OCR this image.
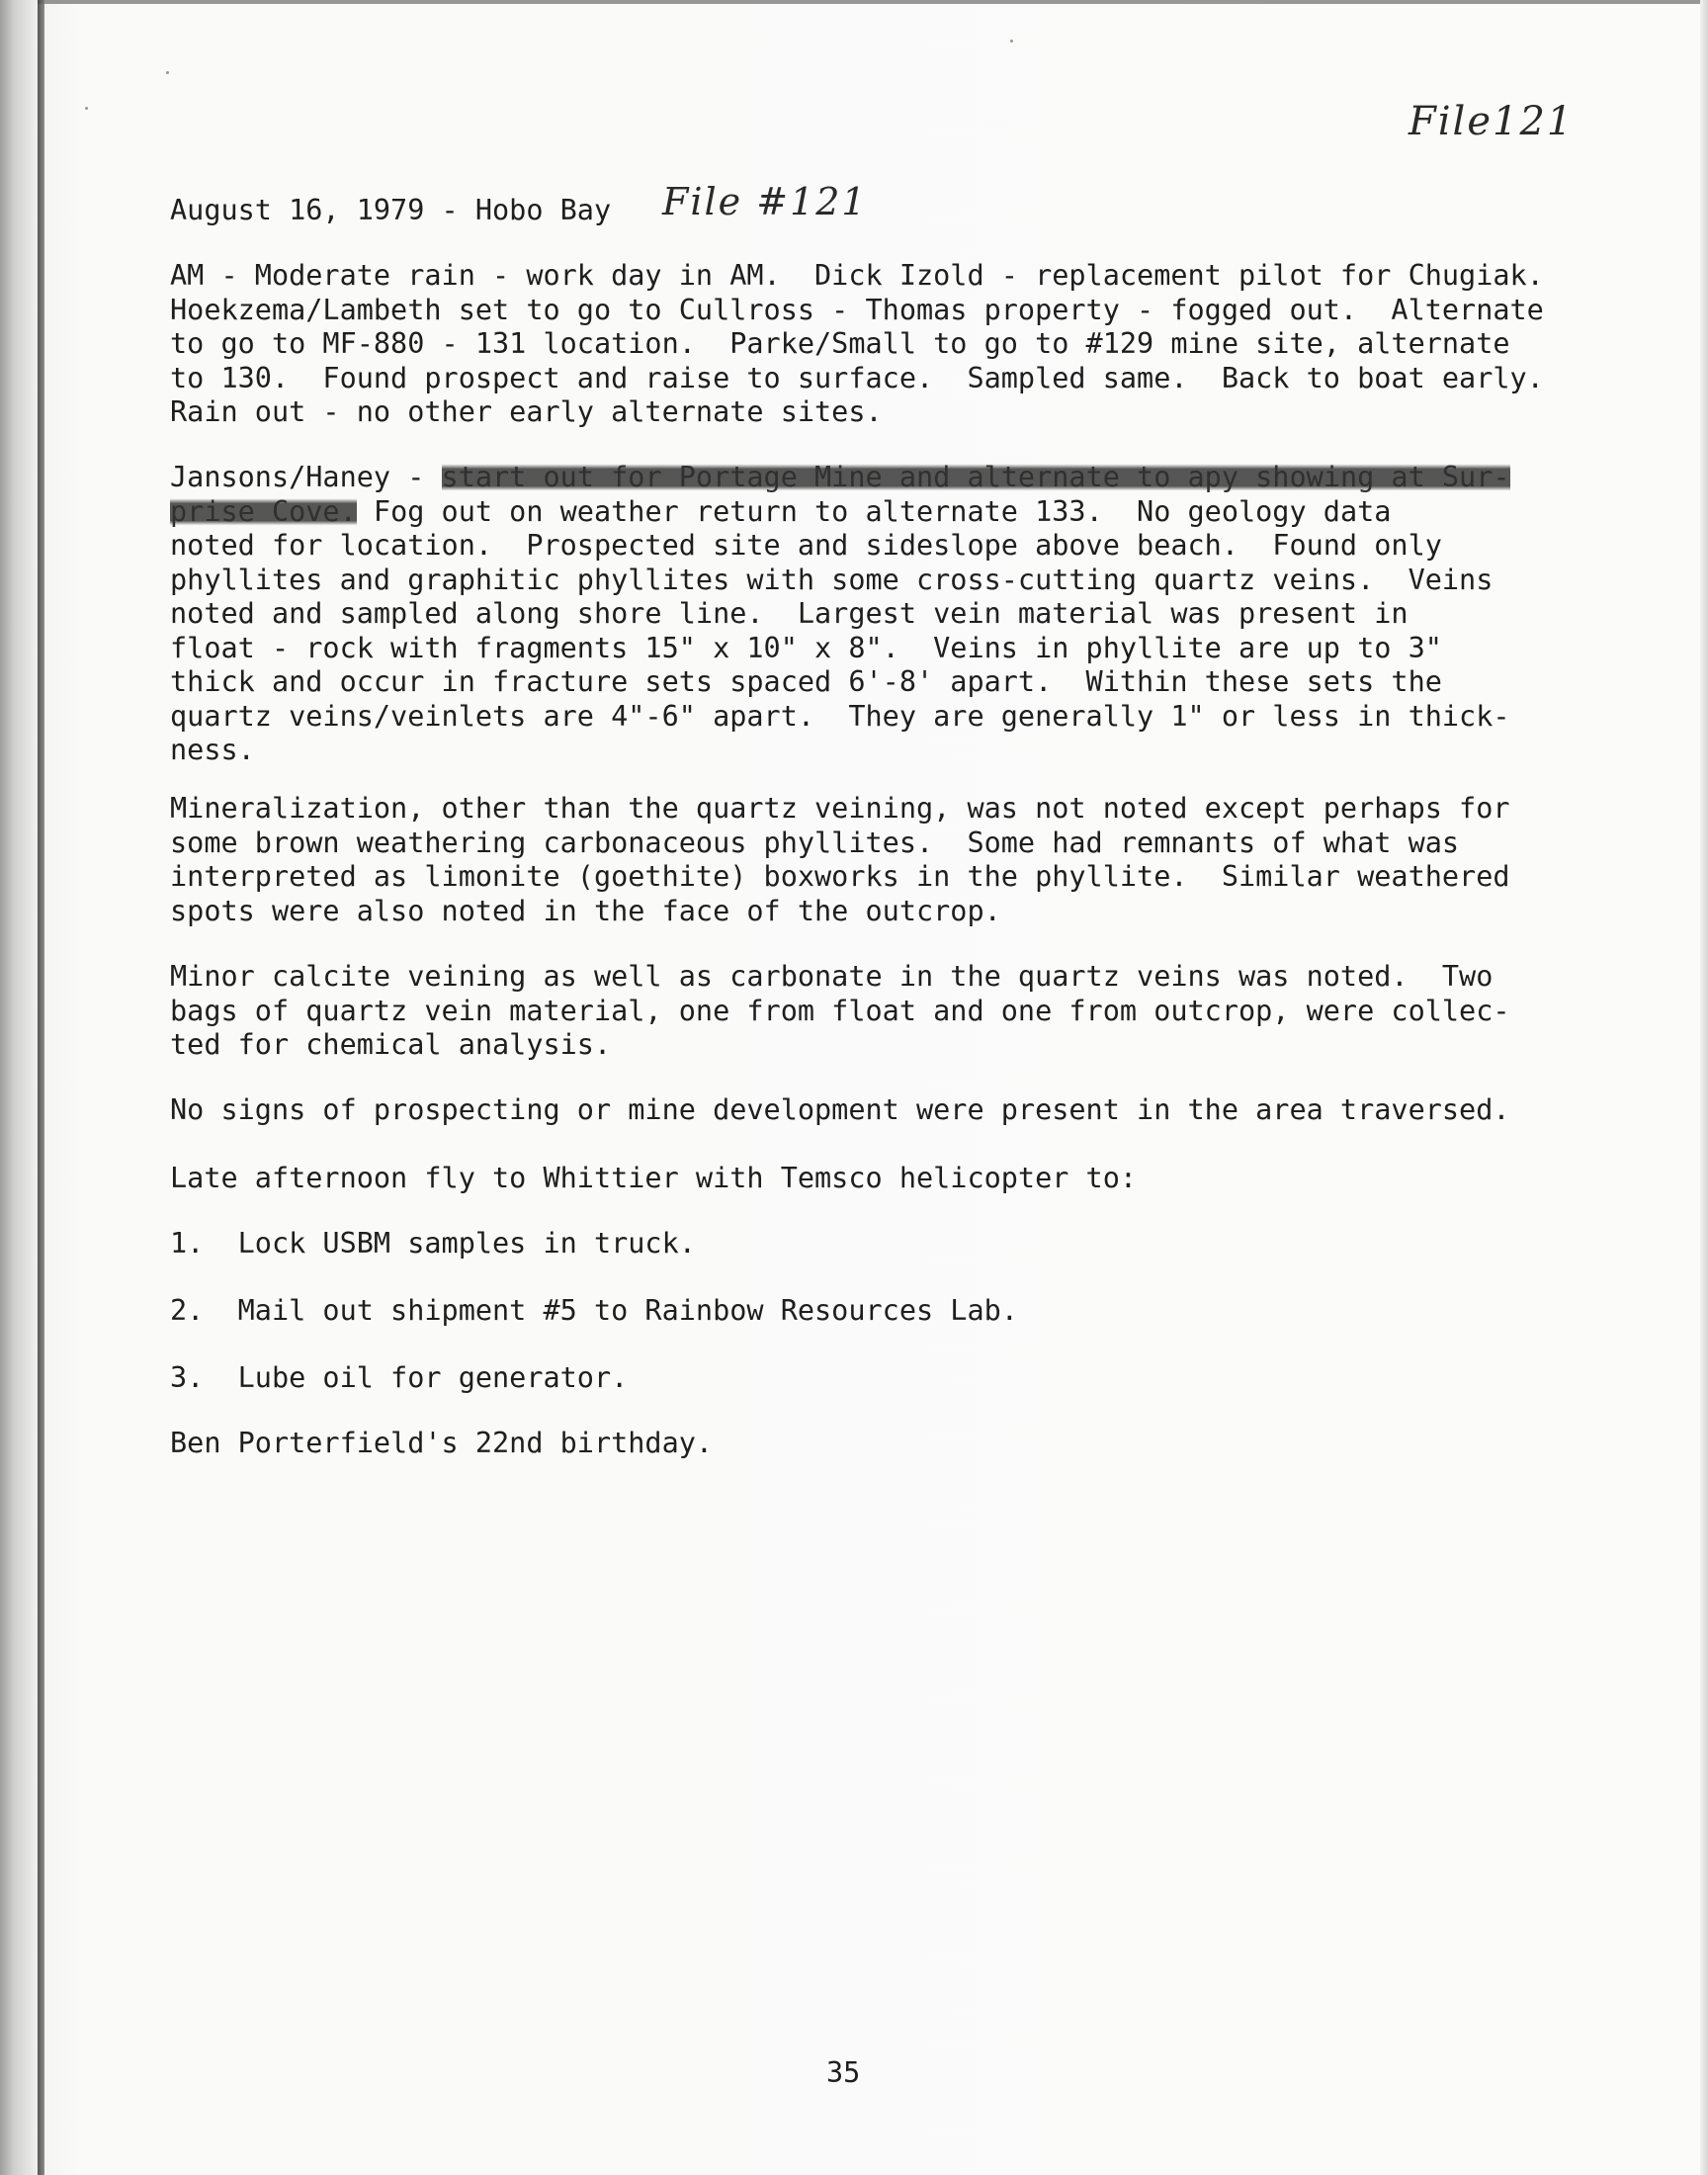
File121
File #121
August 16, 1979 - Hobo Bay
AM - Moderate rain - work day in AM.  Dick Izold - replacement pilot for Chugiak.
Hoekzema/Lambeth set to go to Cullross - Thomas property - fogged out.  Alternate
to go to MF-880 - 131 location.  Parke/Small to go to #129 mine site, alternate
to 130.  Found prospect and raise to surface.  Sampled same.  Back to boat early.
Rain out - no other early alternate sites.
Jansons/Haney - start out for Portage Mine and alternate to apy showing at Sur-
prise Cove. Fog out on weather return to alternate 133.  No geology data
noted for location.  Prospected site and sideslope above beach.  Found only
phyllites and graphitic phyllites with some cross-cutting quartz veins.  Veins
noted and sampled along shore line.  Largest vein material was present in
float - rock with fragments 15" x 10" x 8".  Veins in phyllite are up to 3"
thick and occur in fracture sets spaced 6'-8' apart.  Within these sets the
quartz veins/veinlets are 4"-6" apart.  They are generally 1" or less in thick-
ness.
Mineralization, other than the quartz veining, was not noted except perhaps for
some brown weathering carbonaceous phyllites.  Some had remnants of what was
interpreted as limonite (goethite) boxworks in the phyllite.  Similar weathered
spots were also noted in the face of the outcrop.
Minor calcite veining as well as carbonate in the quartz veins was noted.  Two
bags of quartz vein material, one from float and one from outcrop, were collec-
ted for chemical analysis.
No signs of prospecting or mine development were present in the area traversed.
Late afternoon fly to Whittier with Temsco helicopter to:
1.  Lock USBM samples in truck.
2.  Mail out shipment #5 to Rainbow Resources Lab.
3.  Lube oil for generator.
Ben Porterfield's 22nd birthday.
35
